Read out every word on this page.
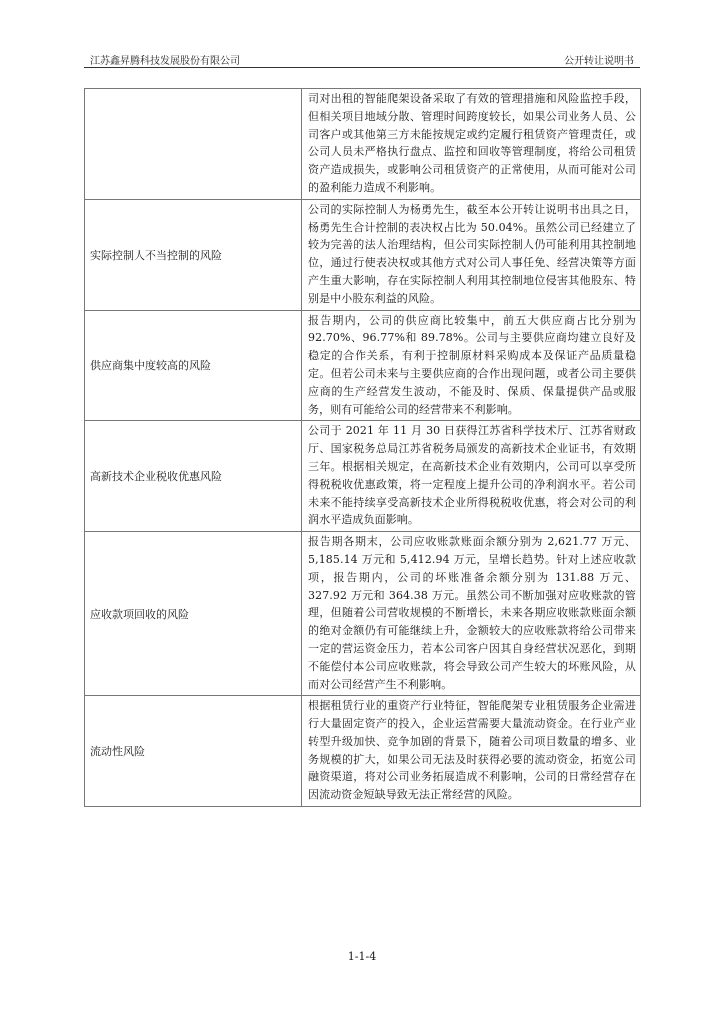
江苏鑫昇腾科技发展股份有限公司	公开转让说明书
	司对出租的智能爬架设备采取了有效的管理措施和风险监控手段，但相关项目地域分散、管理时间跨度较长，如果公司业务人员、公司客户或其他第三方未能按规定或约定履行租赁资产管理责任，或公司人员未严格执行盘点、监控和回收等管理制度，将给公司租赁资产造成损失，或影响公司租赁资产的正常使用，从而可能对公司的盈利能力造成不利影响。
实际控制人不当控制的风险	公司的实际控制人为杨勇先生，截至本公开转让说明书出具之日，杨勇先生合计控制的表决权占比为 50.04%。虽然公司已经建立了较为完善的法人治理结构，但公司实际控制人仍可能利用其控制地位，通过行使表决权或其他方式对公司人事任免、经营决策等方面产生重大影响，存在实际控制人利用其控制地位侵害其他股东、特别是中小股东利益的风险。
供应商集中度较高的风险	报告期内，公司的供应商比较集中，前五大供应商占比分别为 92.70%、96.77%和 89.78%。公司与主要供应商均建立良好及稳定的合作关系，有利于控制原材料采购成本及保证产品质量稳定。但若公司未来与主要供应商的合作出现问题，或者公司主要供应商的生产经营发生波动，不能及时、保质、保量提供产品或服务，则有可能给公司的经营带来不利影响。
高新技术企业税收优惠风险	公司于 2021 年 11 月 30 日获得江苏省科学技术厅、江苏省财政厅、国家税务总局江苏省税务局颁发的高新技术企业证书，有效期三年。根据相关规定，在高新技术企业有效期内，公司可以享受所得税税收优惠政策，将一定程度上提升公司的净利润水平。若公司未来不能持续享受高新技术企业所得税税收优惠，将会对公司的利润水平造成负面影响。
应收款项回收的风险	报告期各期末，公司应收账款账面余额分别为 2,621.77 万元、5,185.14 万元和 5,412.94 万元，呈增长趋势。针对上述应收款项，报告期内，公司的坏账准备余额分别为 131.88 万元、327.92 万元和 364.38 万元。虽然公司不断加强对应收账款的管理，但随着公司营收规模的不断增长，未来各期应收账款账面余额的绝对金额仍有可能继续上升，金额较大的应收账款将给公司带来一定的营运资金压力，若本公司客户因其自身经营状况恶化，到期不能偿付本公司应收账款，将会导致公司产生较大的坏账风险，从而对公司经营产生不利影响。
流动性风险	根据租赁行业的重资产行业特征，智能爬架专业租赁服务企业需进行大量固定资产的投入，企业运营需要大量流动资金。在行业产业转型升级加快、竞争加剧的背景下，随着公司项目数量的增多、业务规模的扩大，如果公司无法及时获得必要的流动资金，拓宽公司融资渠道，将对公司业务拓展造成不利影响，公司的日常经营存在因流动资金短缺导致无法正常经营的风险。
1-1-4
